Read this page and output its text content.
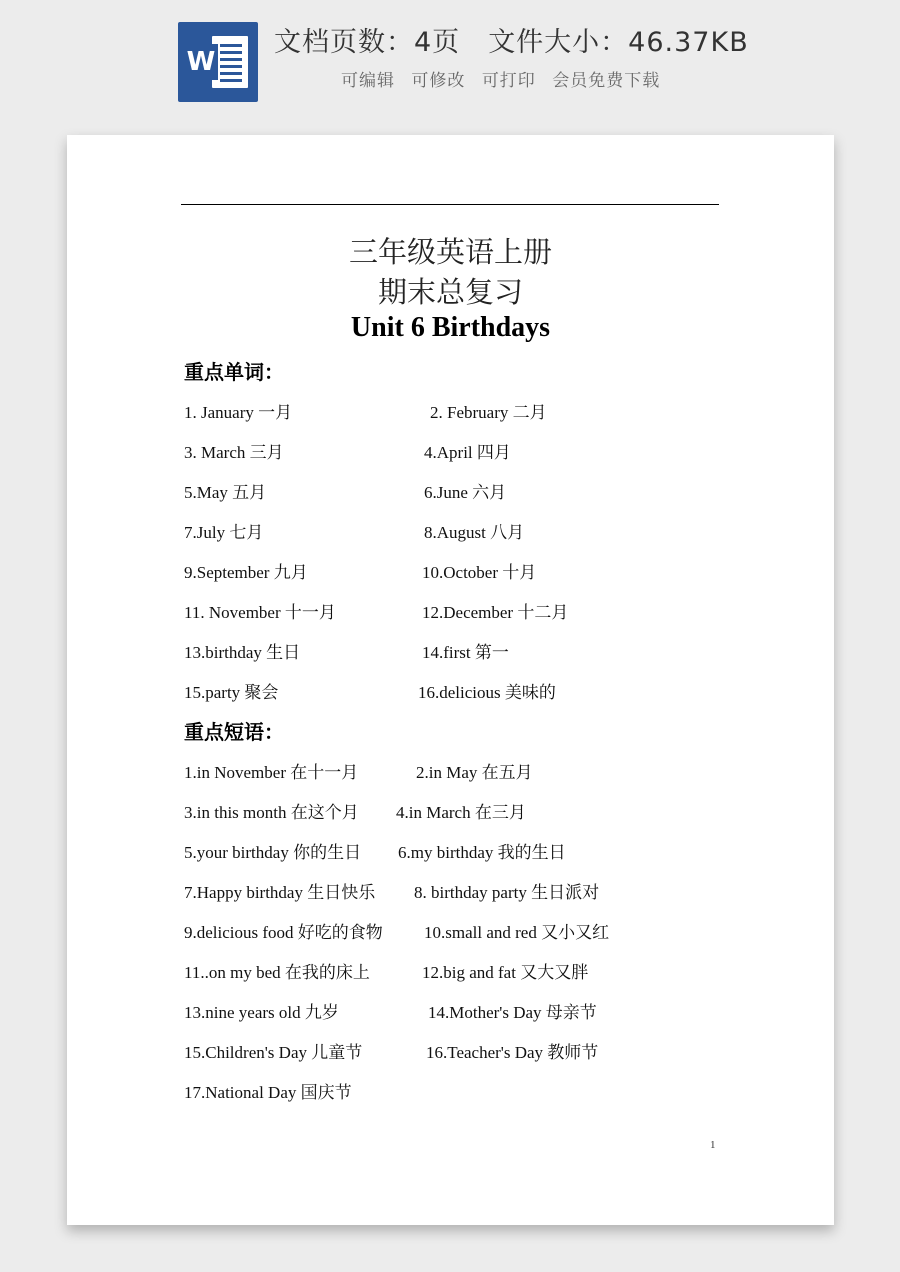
W
文档页数：4页 文件大小：46.37KB
可编辑 可修改 可打印 会员免费下载
三年级英语上册
期末总复习
Unit 6 Birthdays
重点单词：
1. January 一月	2. February 二月
3. March 三月	4.April 四月
5.May 五月	6.June 六月
7.July 七月	8.August 八月
9.September 九月	10.October 十月
11. November 十一月	12.December 十二月
13.birthday 生日	14.first 第一
15.party 聚会	16.delicious 美味的
重点短语：
1.in November 在十一月	2.in May 在五月
3.in this month 在这个月 4.in March 在三月
5.your birthday 你的生日 6.my birthday 我的生日
7.Happy birthday 生日快乐 8. birthday party 生日派对
9.delicious food 好吃的食物 10.small and red 又小又红
11..on my bed 在我的床上	12.big and fat 又大又胖
13.nine years old 九岁	14.Mother's Day 母亲节
15.Children's Day 儿童节	16.Teacher's Day 教师节
17.National Day 国庆节
1
